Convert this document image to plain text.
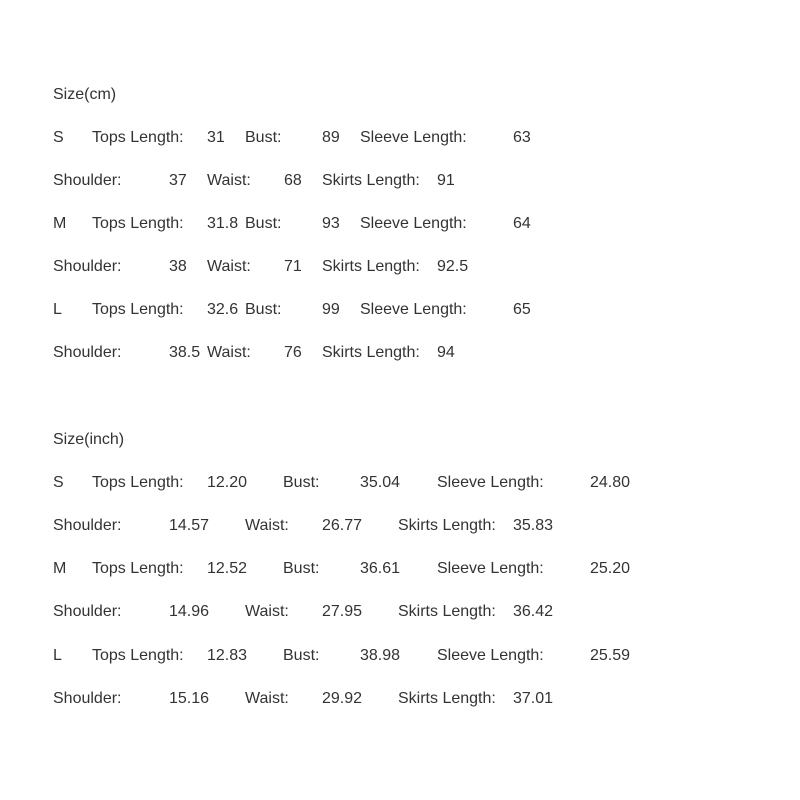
Size(cm)
S Tops Length: 31 Bust:	89 Sleeve Length:	63
Shoulder:	37 Waist: 68 Skirts Length: 91
M Tops Length: 31.8 Bust:	93 Sleeve Length:	64
Shoulder:	38 Waist: 71 Skirts Length: 92.5
L Tops Length: 32.6 Bust:	99 Sleeve Length:	65
Shoulder:	38.5 Waist: 76 Skirts Length: 94
Size(inch)
S Tops Length: 12.20 Bust:	35.04 Sleeve Length:	24.80
Shoulder:	14.57 Waist: 26.77 Skirts Length: 35.83
M Tops Length: 12.52 Bust:	36.61 Sleeve Length:	25.20
Shoulder:	14.96 Waist: 27.95 Skirts Length: 36.42
L Tops Length: 12.83 Bust:	38.98 Sleeve Length:	25.59
Shoulder:	15.16 Waist: 29.92 Skirts Length: 37.01
